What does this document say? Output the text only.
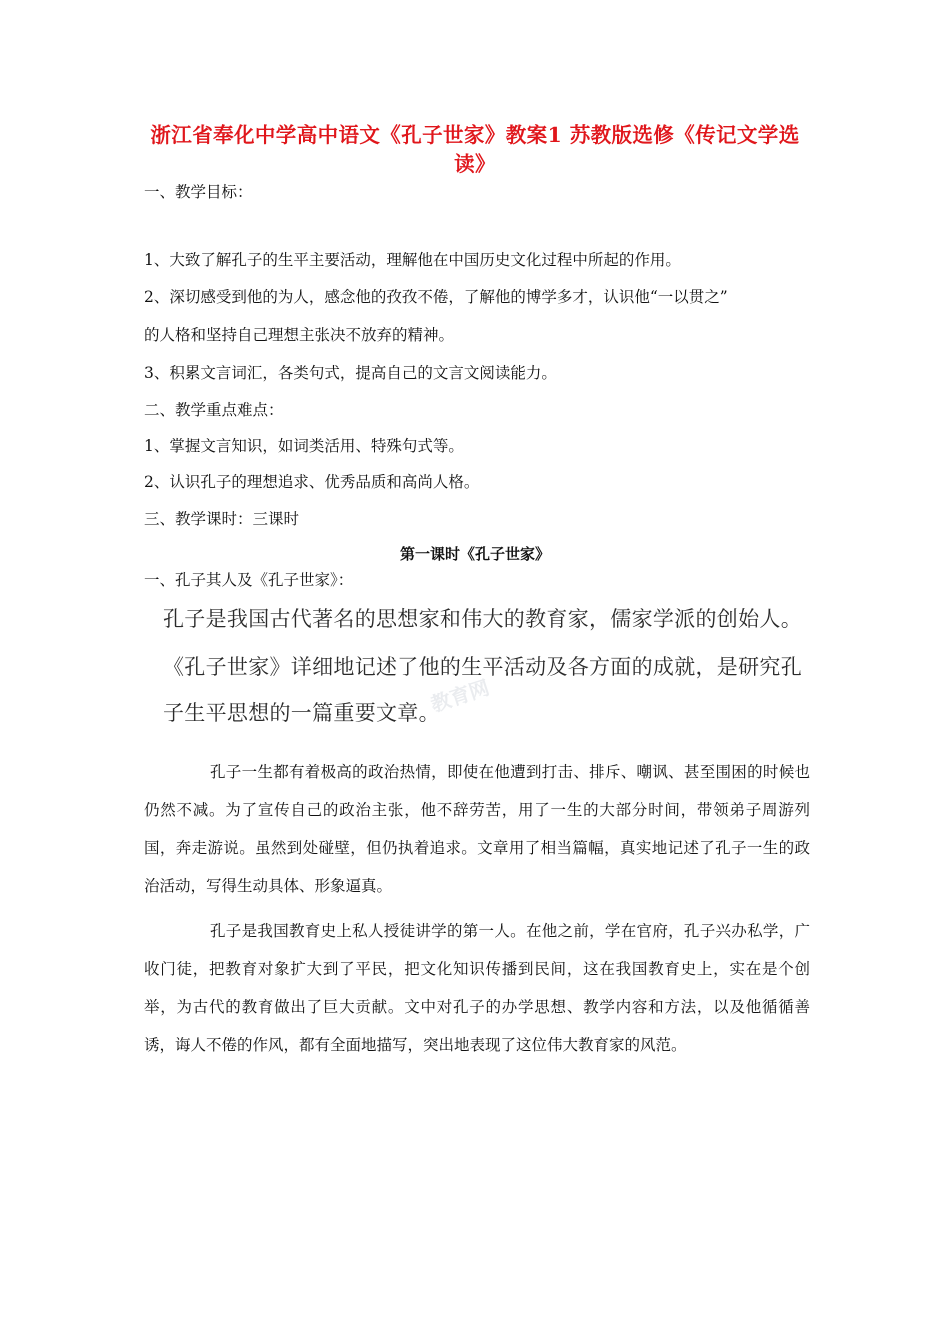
浙江省奉化中学高中语文《孔子世家》教案1 苏教版选修《传记文学选读》
一、教学目标：
1、大致了解孔子的生平主要活动，理解他在中国历史文化过程中所起的作用。
2、深切感受到他的为人，感念他的孜孜不倦，了解他的博学多才，认识他“一以贯之”
的人格和坚持自己理想主张决不放弃的精神。
3、积累文言词汇，各类句式，提高自己的文言文阅读能力。
二、教学重点难点：
1、掌握文言知识，如词类活用、特殊句式等。
2、认识孔子的理想追求、优秀品质和高尚人格。
三、教学课时：三课时
第一课时《孔子世家》
一、孔子其人及《孔子世家》：
孔子是我国古代著名的思想家和伟大的教育家，儒家学派的创始人。
《孔子世家》详细地记述了他的生平活动及各方面的成就，是研究孔
子生平思想的一篇重要文章。
教育网
孔子一生都有着极高的政治热情，即使在他遭到打击、排斥、嘲讽、甚至围困的时候也仍然不减。为了宣传自己的政治主张，他不辞劳苦，用了一生的大部分时间，带领弟子周游列国，奔走游说。虽然到处碰壁，但仍执着追求。文章用了相当篇幅，真实地记述了孔子一生的政治活动，写得生动具体、形象逼真。
孔子是我国教育史上私人授徒讲学的第一人。在他之前，学在官府，孔子兴办私学，广收门徒，把教育对象扩大到了平民，把文化知识传播到民间，这在我国教育史上，实在是个创举，为古代的教育做出了巨大贡献。文中对孔子的办学思想、教学内容和方法，以及他循循善诱，诲人不倦的作风，都有全面地描写，突出地表现了这位伟大教育家的风范。
